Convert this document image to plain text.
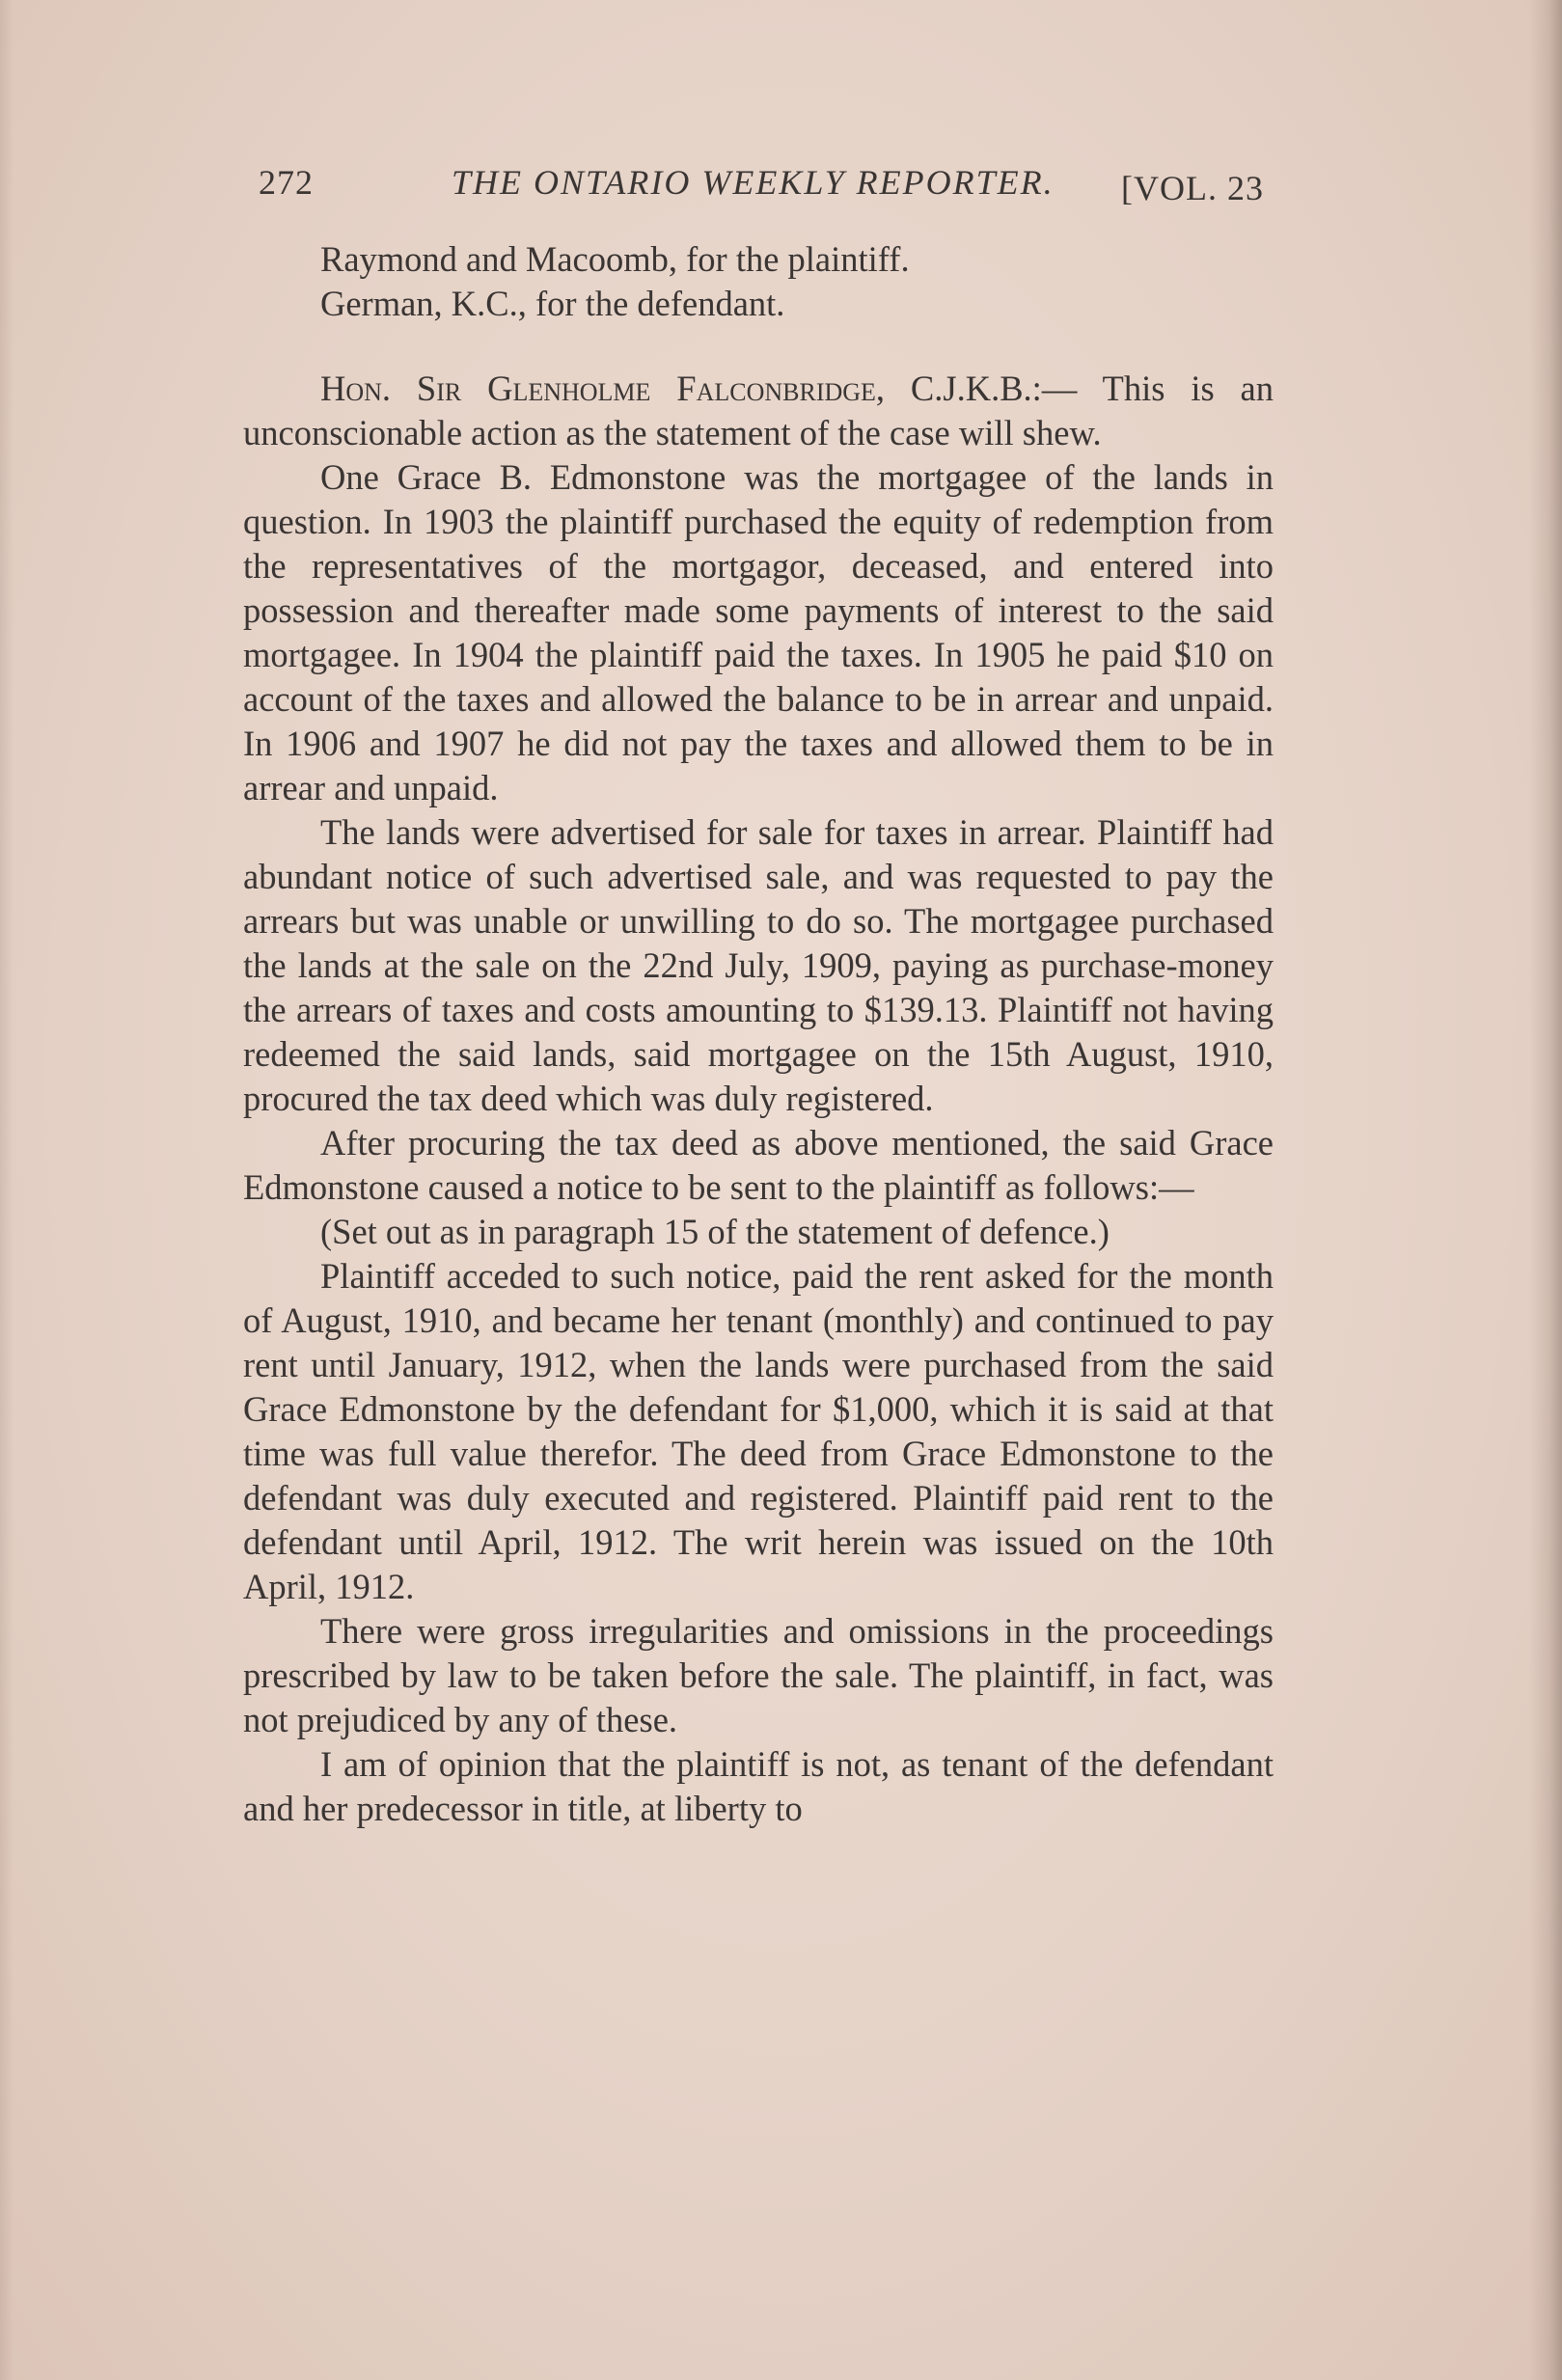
272	THE ONTARIO WEEKLY REPORTER. [VOL. 23

Raymond and Macoomb, for the plaintiff.

German, K.C., for the defendant.

Hon. Sir Glenholme Falconbridge, C.J.K.B.:— This is an unconscionable action as the statement of the case will shew.

One Grace B. Edmonstone was the mortgagee of the lands in question. In 1903 the plaintiff purchased the equity of redemption from the representatives of the mortgagor, deceased, and entered into possession and thereafter made some payments of interest to the said mortgagee. In 1904 the plaintiff paid the taxes. In 1905 he paid $10 on account of the taxes and allowed the balance to be in arrear and unpaid. In 1906 and 1907 he did not pay the taxes and allowed them to be in arrear and unpaid.

The lands were advertised for sale for taxes in arrear. Plaintiff had abundant notice of such advertised sale, and was requested to pay the arrears but was unable or unwilling to do so. The mortgagee purchased the lands at the sale on the 22nd July, 1909, paying as purchase-money the arrears of taxes and costs amounting to $139.13. Plaintiff not having redeemed the said lands, said mortgagee on the 15th August, 1910, procured the tax deed which was duly registered.

After procuring the tax deed as above mentioned, the said Grace Edmonstone caused a notice to be sent to the plaintiff as follows:—

(Set out as in paragraph 15 of the statement of defence.)

Plaintiff acceded to such notice, paid the rent asked for the month of August, 1910, and became her tenant (monthly) and continued to pay rent until January, 1912, when the lands were purchased from the said Grace Edmonstone by the defendant for $1,000, which it is said at that time was full value therefor. The deed from Grace Edmonstone to the defendant was duly executed and registered. Plaintiff paid rent to the defendant until April, 1912. The writ herein was issued on the 10th April, 1912.

There were gross irregularities and omissions in the proceedings prescribed by law to be taken before the sale. The plaintiff, in fact, was not prejudiced by any of these.

I am of opinion that the plaintiff is not, as tenant of the defendant and her predecessor in title, at liberty to
